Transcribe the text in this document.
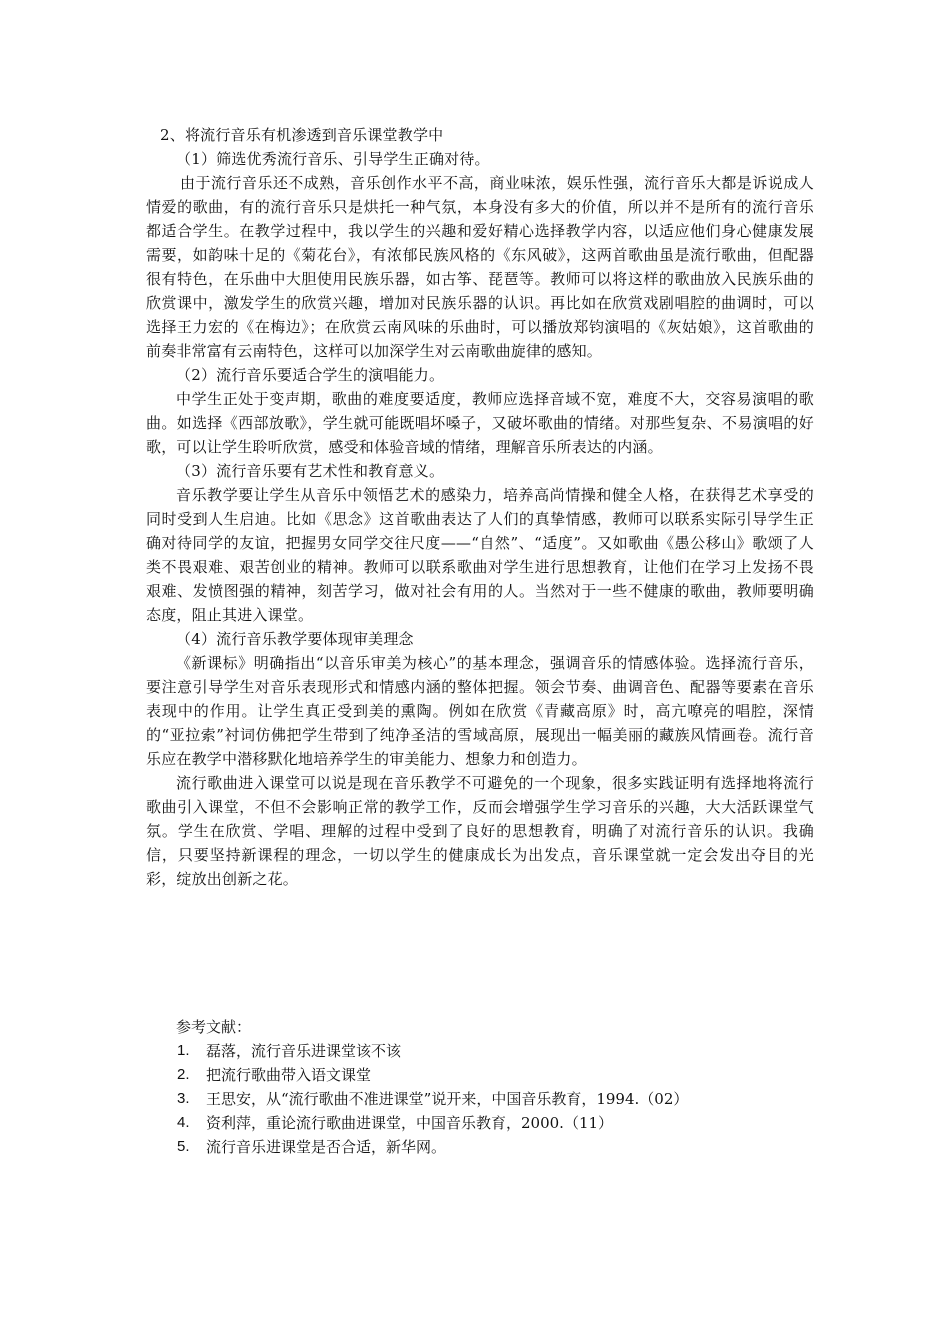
2、将流行音乐有机渗透到音乐课堂教学中

（1）筛选优秀流行音乐、引导学生正确对待。

由于流行音乐还不成熟，音乐创作水平不高，商业味浓，娱乐性强，流行音乐大都是诉说成人情爱的歌曲，有的流行音乐只是烘托一种气氛，本身没有多大的价值，所以并不是所有的流行音乐都适合学生。在教学过程中，我以学生的兴趣和爱好精心选择教学内容，以适应他们身心健康发展需要，如韵味十足的《菊花台》，有浓郁民族风格的《东风破》，这两首歌曲虽是流行歌曲，但配器很有特色，在乐曲中大胆使用民族乐器，如古筝、琵琶等。教师可以将这样的歌曲放入民族乐曲的欣赏课中，激发学生的欣赏兴趣，增加对民族乐器的认识。再比如在欣赏戏剧唱腔的曲调时，可以选择王力宏的《在梅边》；在欣赏云南风味的乐曲时，可以播放郑钧演唱的《灰姑娘》，这首歌曲的前奏非常富有云南特色，这样可以加深学生对云南歌曲旋律的感知。

（2）流行音乐要适合学生的演唱能力。

中学生正处于变声期，歌曲的难度要适度，教师应选择音域不宽，难度不大，交容易演唱的歌曲。如选择《西部放歌》，学生就可能既唱坏嗓子，又破坏歌曲的情绪。对那些复杂、不易演唱的好歌，可以让学生聆听欣赏，感受和体验音域的情绪，理解音乐所表达的内涵。

（3）流行音乐要有艺术性和教育意义。

音乐教学要让学生从音乐中领悟艺术的感染力，培养高尚情操和健全人格，在获得艺术享受的同时受到人生启迪。比如《思念》这首歌曲表达了人们的真挚情感，教师可以联系实际引导学生正确对待同学的友谊，把握男女同学交往尺度——“自然”、“适度”。又如歌曲《愚公移山》歌颂了人类不畏艰难、艰苦创业的精神。教师可以联系歌曲对学生进行思想教育，让他们在学习上发扬不畏艰难、发愤图强的精神，刻苦学习，做对社会有用的人。当然对于一些不健康的歌曲，教师要明确态度，阻止其进入课堂。

（4）流行音乐教学要体现审美理念

《新课标》明确指出“以音乐审美为核心”的基本理念，强调音乐的情感体验。选择流行音乐，要注意引导学生对音乐表现形式和情感内涵的整体把握。领会节奏、曲调音色、配器等要素在音乐表现中的作用。让学生真正受到美的熏陶。例如在欣赏《青藏高原》时，高亢嘹亮的唱腔，深情的“亚拉索”衬词仿佛把学生带到了纯净圣洁的雪域高原，展现出一幅美丽的藏族风情画卷。流行音乐应在教学中潜移默化地培养学生的审美能力、想象力和创造力。

流行歌曲进入课堂可以说是现在音乐教学不可避免的一个现象，很多实践证明有选择地将流行歌曲引入课堂，不但不会影响正常的教学工作，反而会增强学生学习音乐的兴趣，大大活跃课堂气氛。学生在欣赏、学唱、理解的过程中受到了良好的思想教育，明确了对流行音乐的认识。我确信，只要坚持新课程的理念，一切以学生的健康成长为出发点，音乐课堂就一定会发出夺目的光彩，绽放出创新之花。

参考文献：

1.	磊落，流行音乐进课堂该不该
2.	把流行歌曲带入语文课堂
3.	王思安，从“流行歌曲不准进课堂”说开来，中国音乐教育，1994.（02）
4.	资利萍，重论流行歌曲进课堂，中国音乐教育，2000.（11）
5.	流行音乐进课堂是否合适，新华网。
